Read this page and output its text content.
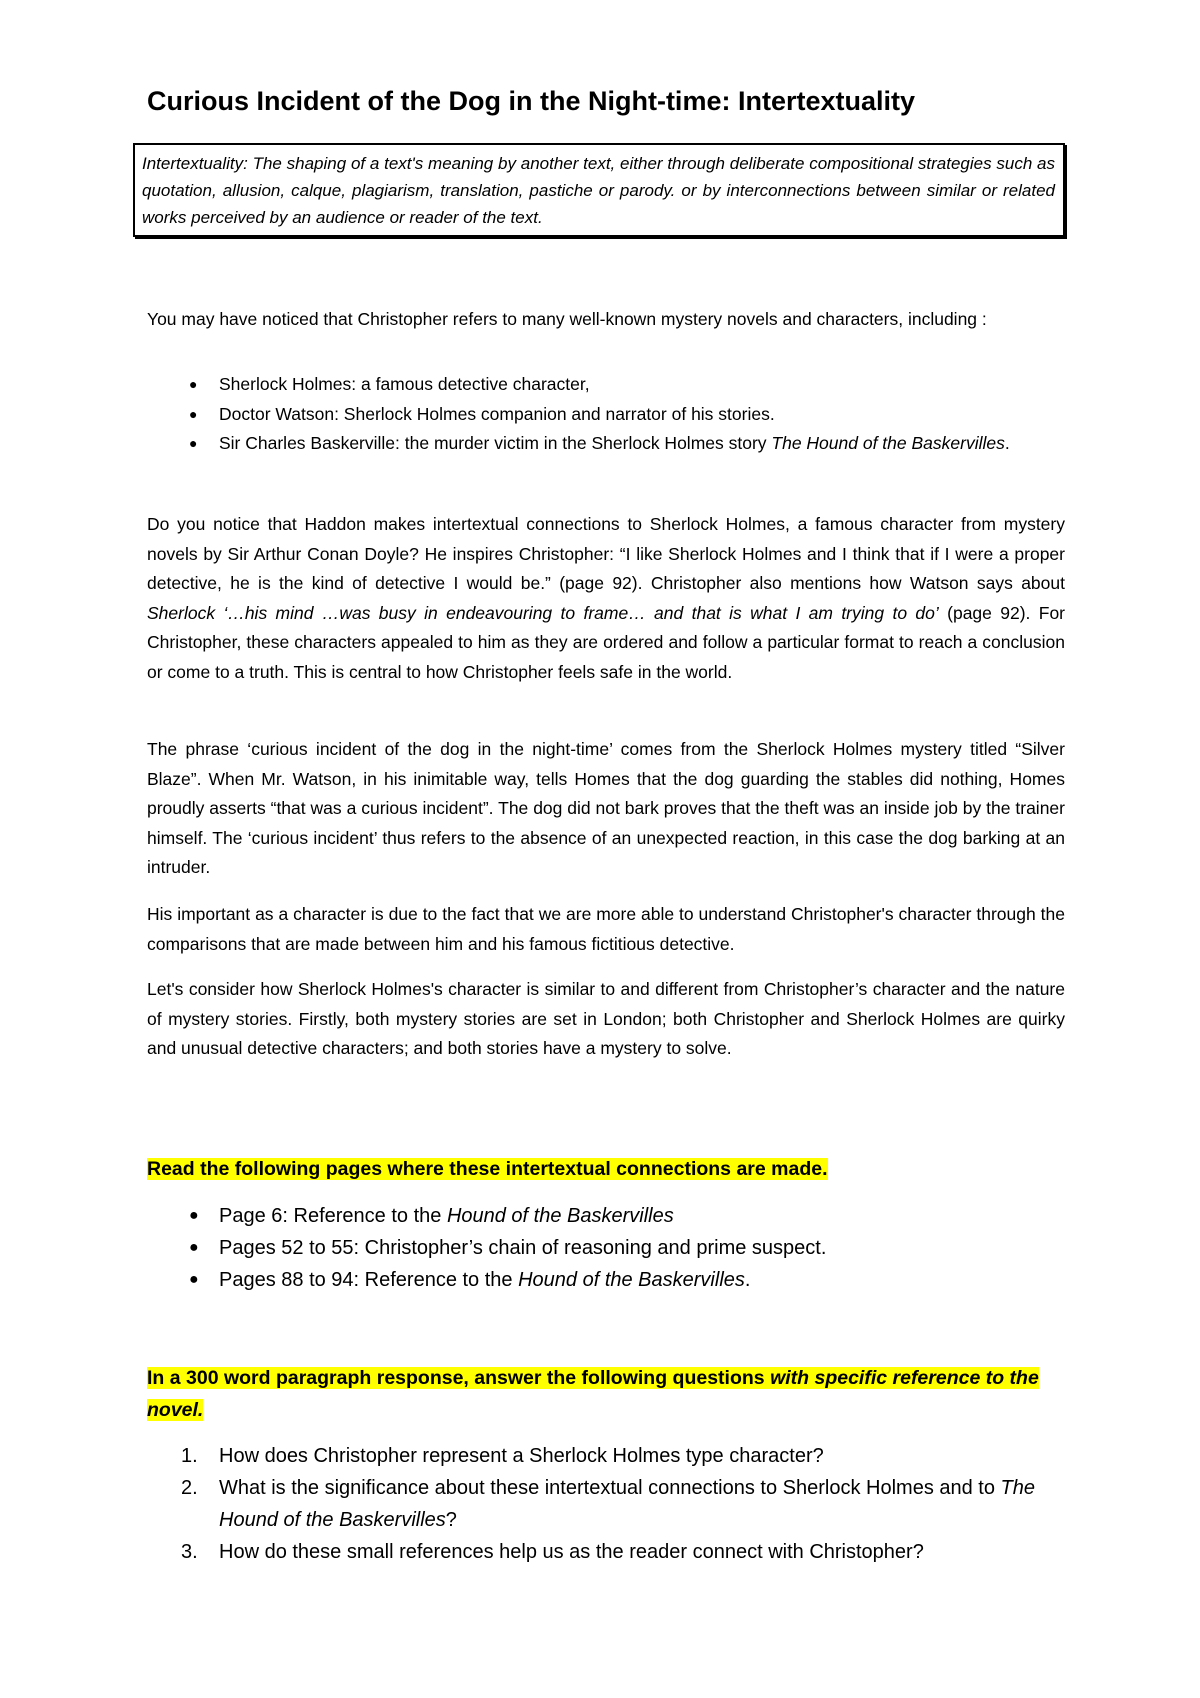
Curious Incident of the Dog in the Night-time: Intertextuality
Intertextuality: The shaping of a text's meaning by another text, either through deliberate compositional strategies such as quotation, allusion, calque, plagiarism, translation, pastiche or parody. or by interconnections between similar or related works perceived by an audience or reader of the text.

You may have noticed that Christopher refers to many well-known mystery novels and characters, including :

● Sherlock Holmes: a famous detective character,
● Doctor Watson: Sherlock Holmes companion and narrator of his stories.
● Sir Charles Baskerville: the murder victim in the Sherlock Holmes story The Hound of the Baskervilles.

Do you notice that Haddon makes intertextual connections to Sherlock Holmes, a famous character from mystery novels by Sir Arthur Conan Doyle? He inspires Christopher: “I like Sherlock Holmes and I think that if I were a proper detective, he is the kind of detective I would be.” (page 92). Christopher also mentions how Watson says about Sherlock ‘…his mind …was busy in endeavouring to frame… and that is what I am trying to do’ (page 92). For Christopher, these characters appealed to him as they are ordered and follow a particular format to reach a conclusion or come to a truth. This is central to how Christopher feels safe in the world.

The phrase ‘curious incident of the dog in the night-time’ comes from the Sherlock Holmes mystery titled “Silver Blaze”. When Mr. Watson, in his inimitable way, tells Homes that the dog guarding the stables did nothing, Homes proudly asserts “that was a curious incident”. The dog did not bark proves that the theft was an inside job by the trainer himself. The ‘curious incident’ thus refers to the absence of an unexpected reaction, in this case the dog barking at an intruder.

His important as a character is due to the fact that we are more able to understand Christopher's character through the comparisons that are made between him and his famous fictitious detective.

Let's consider how Sherlock Holmes's character is similar to and different from Christopher’s character and the nature of mystery stories. Firstly, both mystery stories are set in London; both Christopher and Sherlock Holmes are quirky and unusual detective characters; and both stories have a mystery to solve.

Read the following pages where these intertextual connections are made.

● Page 6: Reference to the Hound of the Baskervilles
● Pages 52 to 55: Christopher’s chain of reasoning and prime suspect.
● Pages 88 to 94: Reference to the Hound of the Baskervilles.

In a 300 word paragraph response, answer the following questions with specific reference to the novel.

1. How does Christopher represent a Sherlock Holmes type character?
2. What is the significance about these intertextual connections to Sherlock Holmes and to The Hound of the Baskervilles?
3. How do these small references help us as the reader connect with Christopher?
